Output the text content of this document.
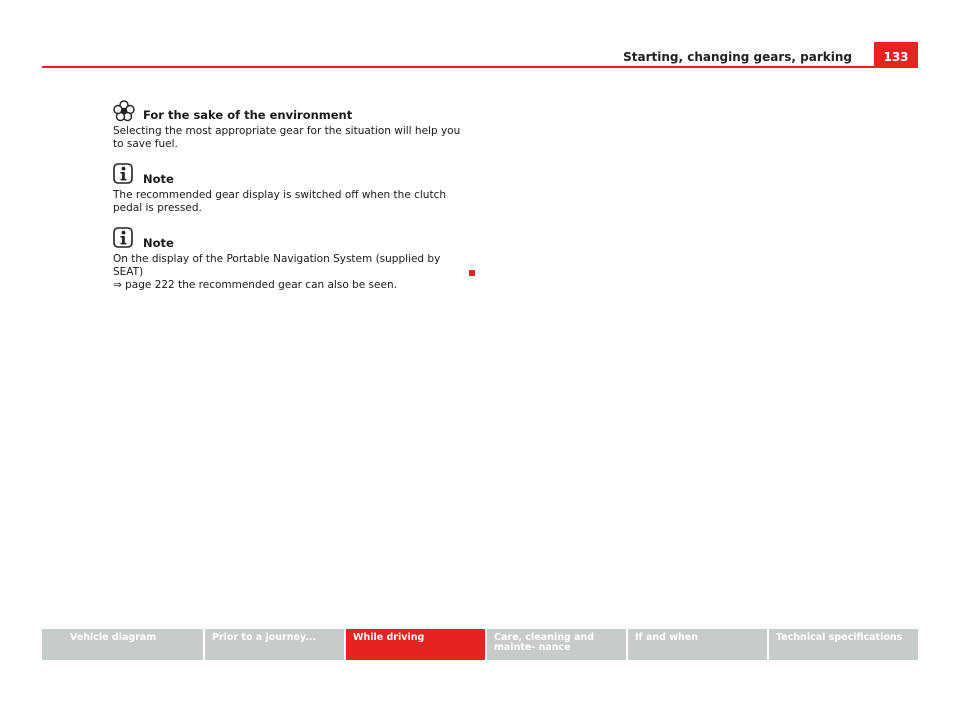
Starting, changing gears, parking	133
For the sake of the environment

Selecting the most appropriate gear for the situation will help you to save fuel.

Note

The recommended gear display is switched off when the clutch pedal is pressed.

Note

On the display of the Portable Navigation System (supplied by SEAT)
⇒ page 222 the recommended gear can also be seen.

Vehicle diagram	Prior to a journey...	While driving	Care, cleaning and mainte- nance
If and when	Technical specifications
